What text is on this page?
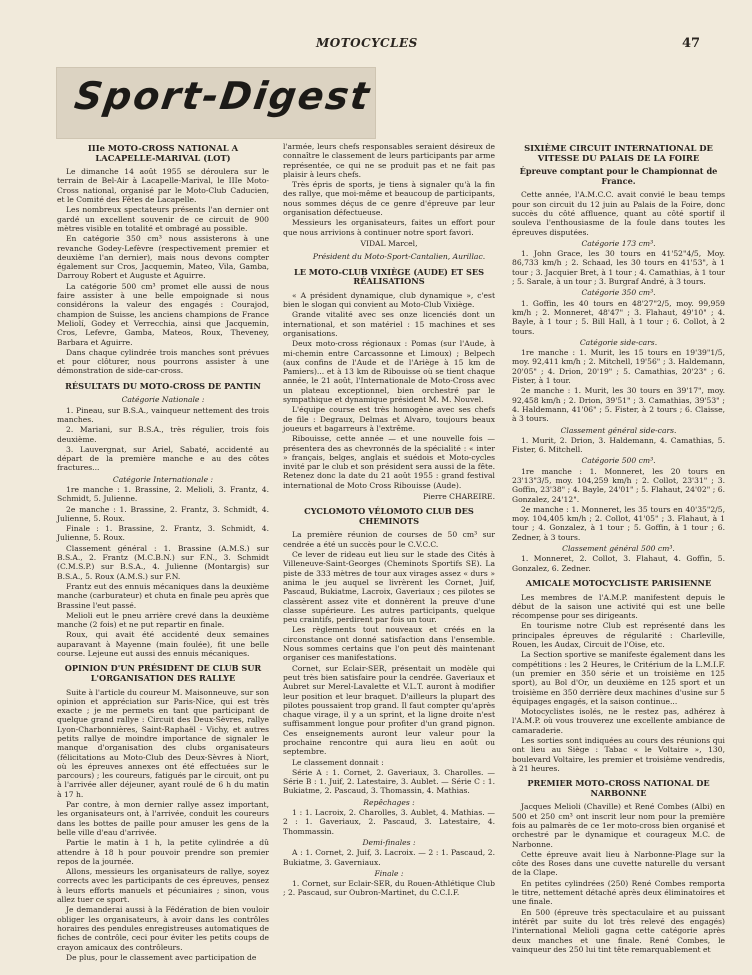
MOTOCYCLES	47
Sport-Digest
IIIe MOTO-CROSS NATIONAL A LACAPELLE-MARIVAL (LOT)

Le dimanche 14 août 1955 se déroulera sur le terrain de Bel-Air à Lacapelle-Marival, le IIIe Moto-Cross national, organisé par le Moto-Club Caducien, et le Comité des Fêtes de Lacapelle.

Les nombreux spectateurs présents l'an dernier ont gardé un excellent souvenir de ce circuit de 900 mètres visible en totalité et ombragé au possible.

En catégorie 350 cm³ nous assisterons à une revanche Godey-Lefèvre (respectivement premier et deuxième l'an dernier), mais nous devons compter également sur Cros, Jacquemin, Mateo, Vila, Gamba, Darrouy Robert et Auguste et Aguirre.

La catégorie 500 cm³ promet elle aussi de nous faire assister à une belle empoignade si nous considérons la valeur des engagés : Courajod, champion de Suisse, les anciens champions de France Meliolí, Godey et Verrecchia, ainsi que Jacquemin, Cros, Lefevre, Gamba, Mateos, Roux, Theveney, Barbara et Aguirre.

Dans chaque cylindrée trois manches sont prévues et pour clôturer, nous pourrons assister à une démonstration de side-car-cross.

RÉSULTATS DU MOTO-CROSS DE PANTIN
Catégorie Nationale :

1. Pineau, sur B.S.A., vainqueur nettement des trois manches.

2. Mariani, sur B.S.A., très régulier, trois fois deuxième.

3. Lauvergnat, sur Ariel, Sabaté, accidenté au départ de la première manche e au des côtes fractures...

Catégorie Internationale :

1re manche : 1. Brassine, 2. Melioli, 3. Frantz, 4. Schmidt, 5. Julienne.

2e manche : 1. Brassine, 2. Frantz, 3. Schmidt, 4. Julienne, 5. Roux.

Finale : 1. Brassine, 2. Frantz, 3. Schmidt, 4. Julienne, 5. Roux.

Classement général : 1. Brassine (A.M.S.) sur B.S.A., 2. Frantz (M.C.B.N.) sur F.N., 3. Schmidt (C.M.S.P.) sur B.S.A., 4. Julienne (Montargis) sur B.S.A., 5. Roux (A.M.S.) sur F.N.

Frantz eut des ennuis mécaniques dans la deuxième manche (carburateur) et chuta en finale peu après que Brassine l'eut passé.

Melioli eut le pneu arrière crevé dans la deuxième manche (2 fois) et ne put repartir en finale.

Roux, qui avait été accidenté deux semaines auparavant à Mayenne (main foulée), fit une belle course. Lejeune eut aussi des ennuis mécaniques.

OPINION D'UN PRÉSIDENT DE CLUB SUR L'ORGANISATION DES RALLYE

Suite à l'article du coureur M. Maisonneuve, sur son opinion et appréciation sur Paris-Nice, qui est très exacte ; je me permets en tant que participant de quelque grand rallye : Circuit des Deux-Sèvres, rallye Lyon-Charbonnières, Saint-Raphaël - Vichy, et autres petits rallye de moindre importance de signaler le manque d'organisation des clubs organisateurs (félicitations au Moto-Club des Deux-Sèvres à Niort, où les épreuves annexes ont été effectuées sur le parcours) ; les coureurs, fatigués par le circuit, ont pu à l'arrivée aller déjeuner, ayant roulé de 6 h du matin à 17 h.

Par contre, à mon dernier rallye assez important, les organisateurs ont, à l'arrivée, conduit les coureurs dans les bottes de paille pour amuser les gens de la belle ville d'eau d'arrivée.

Partie le matin à 1 h, la petite cylindrée a dû attendre à 18 h pour pouvoir prendre son premier repos de la journée.

Allons, messieurs les organisateurs de rallye, soyez corrects avec les participants de ces épreuves, pensez à leurs efforts manuels et pécuniaires ; sinon, vous allez tuer ce sport.

Je demanderai aussi à la Fédération de bien vouloir obliger les organisateurs, à avoir dans les contrôles horaires des pendules enregistreuses automatiques de fiches de contrôle, ceci pour éviter les petits coups de crayon amicaux des contrôleurs.

De plus, pour le classement avec participation de

l'armée, leurs chefs responsables seraient désireux de connaître le classement de leurs participants par arme représentée, ce qui ne se produit pas et ne fait pas plaisir à leurs chefs.

Très épris de sports, je tiens à signaler qu'à la fin des rallye, que moi-même et beaucoup de participants, nous sommes déçus de ce genre d'épreuve par leur organisation défectueuse.

Messieurs les organisateurs, faites un effort pour que nous arrivions à continuer notre sport favori.

VIDAL Marcel,
Président du Moto-Sport-Cantalien, Aurillac.
LE MOTO-CLUB VIXIÈGE (AUDE) ET SES RÉALISATIONS

« A président dynamique, club dynamique », c'est bien le slogan qui convient au Moto-Club Vixiège.

Grande vitalité avec ses onze licenciés dont un international, et son matériel : 15 machines et ses organisations.

Deux moto-cross régionaux : Pomas (sur l'Aude, à mi-chemin entre Carcassonne et Limoux) ; Belpech (aux confins de l'Aude et de l'Ariège à 15 km de Pamiers)... et à 13 km de Ribouisse où se tient chaque année, le 21 août, l'Internationale de Moto-Cross avec un plateau exceptionnel, bien orchestré par le sympathique et dynamique président M. M. Nouvel.

L'équipe course est très homogène avec ses chefs de file : Degraux, Delmas et Alvaro, toujours beaux joueurs et bagarreurs à l'extrême.

Ribouisse, cette année — et une nouvelle fois — présentera des as chevronnés de la spécialité : « inter » français, belges, anglais et suédois et Moto-cycles invité par le club et son président sera aussi de la fête. Retenez donc la date du 21 août 1955 : grand festival international de Moto Cross Ribouisse (Aude).

Pierre CHAREIRE.
CYCLOMOTO VÉLOMOTO CLUB DES CHEMINOTS

La première réunion de courses de 50 cm³ sur cendrée a été un succès pour le C.V.C.C.

Ce lever de rideau eut lieu sur le stade des Cités à Villeneuve-Saint-Georges (Cheminots Sportifs SE). La piste de 333 mètres de tour aux virages assez « durs » anima le jeu auquel se livrèrent les Cornet, Juif, Pascaud, Bukiatme, Lacroix, Gaveriaux ; ces pilotes se classèrent assez vite et donnèrent la preuve d'une classe supérieure. Les autres participants, quelque peu craintifs, perdirent par fois un tour.

Les règlements tout nouveaux et créés en la circonstance ont donné satisfaction dans l'ensemble. Nous sommes certains que l'on peut dès maintenant organiser ces manifestations.

Cornet, sur Eclair-SER, présentait un modèle qui peut très bien satisfaire pour la cendrée. Gaveriaux et Aubret sur Merel-Lavalette et V.L.T. auront à modifier leur position et leur braquet. D'ailleurs la plupart des pilotes poussaient trop grand. Il faut compter qu'après chaque virage, il y a un sprint, et la ligne droite n'est suffisamment longue pour profiter d'un grand pignon. Ces enseignements auront leur valeur pour la prochaine rencontre qui aura lieu en août ou septembre.

Le classement donnait :

Série A : 1. Cornet, 2. Gaveriaux, 3. Charolles. — Série B : 1. Juif, 2. Latestaire, 3. Aublet. — Série C : 1. Bukiatme, 2. Pascaud, 3. Thomassin, 4. Mathias.

Repêchages :

1 : 1. Lacroix, 2. Charolles, 3. Aublet, 4. Mathias. — 2 : 1. Gaveriaux, 2. Pascaud, 3. Latestaire, 4. Thommassin.

Demi-finales :

A : 1. Cornet, 2. Juif, 3. Lacroix. — 2 : 1. Pascaud, 2. Bukiatme, 3. Gaverniaux.

Finale :

1. Cornet, sur Eclair-SER, du Rouen-Athlétique Club ; 2. Pascaud, sur Oubron-Martinet, du C.C.I.F.

SIXIÈME CIRCUIT INTERNATIONAL DE VITESSE DU PALAIS DE LA FOIRE
Épreuve comptant pour le Championnat de France.

Cette année, l'A.M.C.C. avait convié le beau temps pour son circuit du 12 juin au Palais de la Foire, donc succès du côté affluence, quant au côté sportif il souleva l'enthousiasme de la foule dans toutes les épreuves disputées.

Catégorie 173 cm³.

1. John Grace, les 30 tours en 41'52"4/5, Moy. 86,733 km/h ; 2. Schaad, les 30 tours en 41'53", à 1 tour ; 3. Jacquier Bret, à 1 tour ; 4. Camathias, à 1 tour ; 5. Sarale, à un tour ; 3. Burgraf André, à 3 tours.

Catégorie 350 cm³.

1. Goffin, les 40 tours en 48'27"2/5, moy. 99,959 km/h ; 2. Monneret, 48'47" ; 3. Flahaut, 49'10" ; 4. Bayle, à 1 tour ; 5. Bill Hall, à 1 tour ; 6. Collot, à 2 tours.

Catégorie side-cars.

1re manche : 1. Murit, les 15 tours en 19'39"1/5, moy. 92,411 km/h ; 2. Mitchell, 19'56" ; 3. Haldemann, 20'05" ; 4. Drion, 20'19" ; 5. Camathias, 20'23" ; 6. Fister, à 1 tour.

2e manche : 1. Murit, les 30 tours en 39'17", moy. 92,458 km/h ; 2. Drion, 39'51" ; 3. Camathias, 39'53" ; 4. Haldemann, 41'06" ; 5. Fister, à 2 tours ; 6. Claisse, à 3 tours.

Classement général side-cars.

1. Murit, 2. Drion, 3. Haldemann, 4. Camathias, 5. Fister, 6. Mitchell.

Catégorie 500 cm³.

1re manche : 1. Monneret, les 20 tours en 23'13"3/5, moy. 104,259 km/h ; 2. Collot, 23'31" ; 3. Goffin, 23'38" ; 4. Bayle, 24'01" ; 5. Flahaut, 24'02" ; 6. Gonzalez, 24'12".

2e manche : 1. Monneret, les 35 tours en 40'35"2/5, moy. 104,405 km/h ; 2. Collot, 41'05" ; 3. Flahaut, à 1 tour ; 4. Gonzalez, à 1 tour ; 5. Goffin, à 1 tour ; 6. Zedner, à 3 tours.

Classement général 500 cm³.

1. Monneret, 2. Collot, 3. Flahaut, 4. Goffin, 5. Gonzalez, 6. Zedner.

AMICALE MOTOCYCLISTE PARISIENNE

Les membres de l'A.M.P. manifestent depuis le début de la saison une activité qui est une belle récompense pour ses dirigeants.

En tourisme notre Club est représenté dans les principales épreuves de régularité : Charleville, Rouen, les Audax, Circuit de l'Oise, etc.

La Section sportive se manifeste également dans les compétitions : les 2 Heures, le Critérium de la L.M.I.F. (un premier en 350 série et un troisième en 125 sport), au Bol d'Or, un deuxième en 125 sport et un troisième en 350 derrière deux machines d'usine sur 5 équipages engagés, et la saison continue...

Motocyclistes isolés, ne le restez pas, adhérez à l'A.M.P. où vous trouverez une excellente ambiance de camaraderie.

Les sorties sont indiquées au cours des réunions qui ont lieu au Siège : Tabac « le Voltaire », 130, boulevard Voltaire, les premier et troisième vendredis, à 21 heures.

PREMIER MOTO-CROSS NATIONAL DE NARBONNE

Jacques Melioli (Chaville) et René Combes (Albi) en 500 et 250 cm³ ont inscrit leur nom pour la première fois au palmarès de ce 1er moto-cross bien organisé et orchestré par le dynamique et courageux M.C. de Narbonne.

Cette épreuve avait lieu à Narbonne-Plage sur la côte des Roses dans une cuvette naturelle du versant de la Clape.

En petites cylindrées (250) René Combes remporta le titre, nettement détaché après deux éliminatoires et une finale.

En 500 (épreuve très spectaculaire et au puissant intérêt par suite du lot très relevé des engagés) l'international Melioli gagna cette catégorie après deux manches et une finale. René Combes, le vainqueur des 250 lui tint tête remarquablement et
